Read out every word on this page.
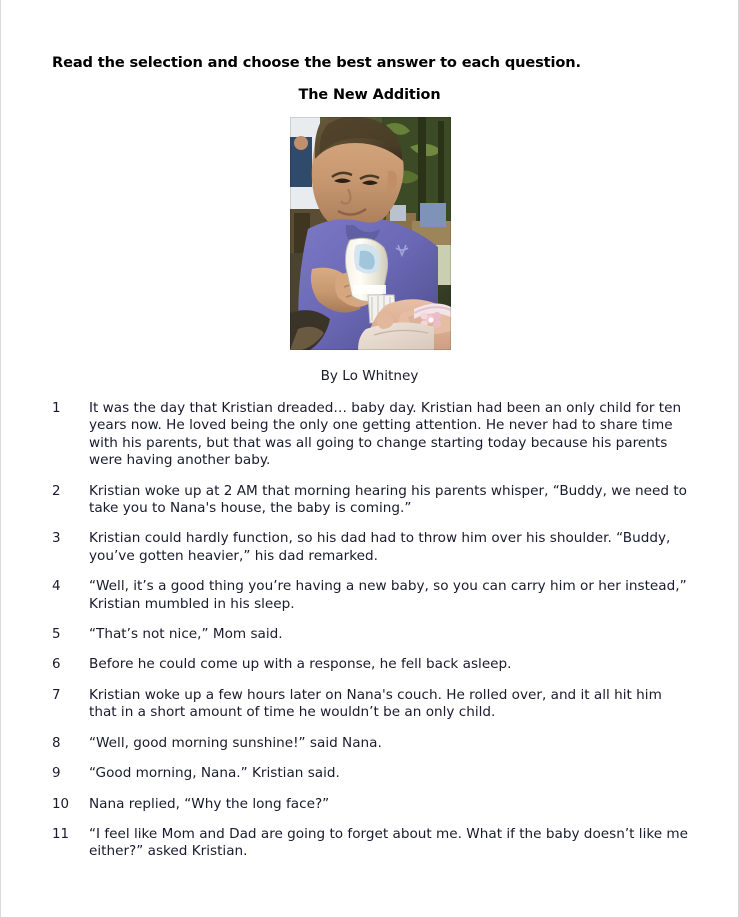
Read the selection and choose the best answer to each question.
The New Addition
By Lo Whitney
1	It was the day that Kristian dreaded… baby day. Kristian had been an only child for ten years now. He loved being the only one getting attention. He never had to share time with his parents, but that was all going to change starting today because his parents were having another baby.
2	Kristian woke up at 2 AM that morning hearing his parents whisper, “Buddy, we need to take you to Nana's house, the baby is coming.”
3	Kristian could hardly function, so his dad had to throw him over his shoulder. “Buddy, you’ve gotten heavier,” his dad remarked.
4	“Well, it’s a good thing you’re having a new baby, so you can carry him or her instead,” Kristian mumbled in his sleep.
5	“That’s not nice,” Mom said.
6	Before he could come up with a response, he fell back asleep.
7	Kristian woke up a few hours later on Nana's couch. He rolled over, and it all hit him that in a short amount of time he wouldn’t be an only child.
8	“Well, good morning sunshine!” said Nana.
9	“Good morning, Nana.” Kristian said.
10	Nana replied, “Why the long face?”
11	“I feel like Mom and Dad are going to forget about me. What if the baby doesn’t like me either?” asked Kristian.
